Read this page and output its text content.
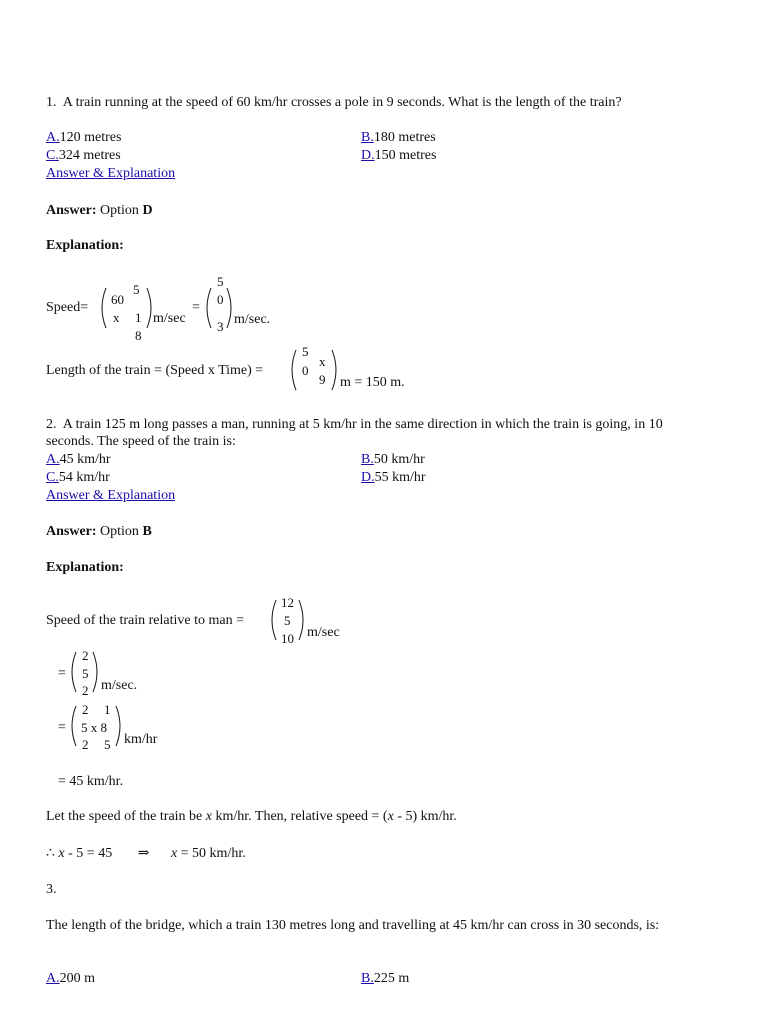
1. A train running at the speed of 60 km/hr crosses a pole in 9 seconds. What is the length of the train?
A.120 metres	B.180 metres
C.324 metres	D.150 metres
Answer & Explanation
Answer: Option D
Explanation:
Speed=
5
60
x 1
8
m/sec
=
5
0
3 m/sec.
Length of the train = (Speed x Time) =
5
0
x
9 m = 150 m.
2. A train 125 m long passes a man, running at 5 km/hr in the same direction in which the train is going, in 10 seconds. The speed of the train is:
A.45 km/hr	B.50 km/hr
C.54 km/hr	D.55 km/hr
Answer & Explanation
Answer: Option B
Explanation:
Speed of the train relative to man =
12
5
10 m/sec
=
2
5
2 m/sec.
=
2 1
5 x 8
2 5 km/hr
= 45 km/hr.
Let the speed of the train be x km/hr. Then, relative speed = (x - 5) km/hr.
∴ x - 5 = 45 ⇒ x = 50 km/hr.
3.
The length of the bridge, which a train 130 metres long and travelling at 45 km/hr can cross in 30 seconds, is:
A.200 m	B.225 m
